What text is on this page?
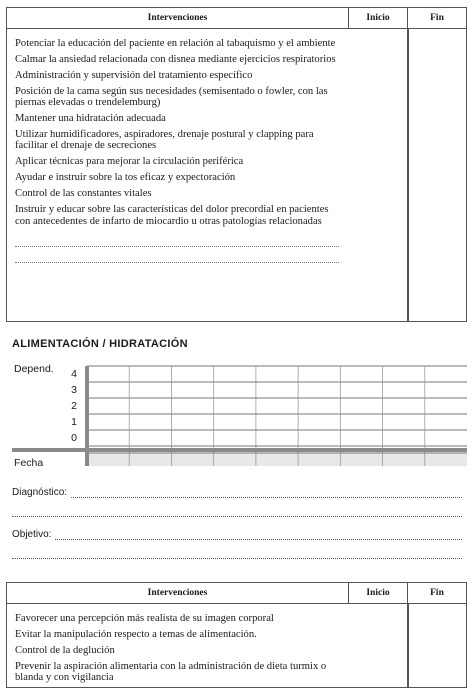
Intervenciones	Inicio	Fin
Potenciar la educación del paciente en relación al tabaquismo y el ambiente
Calmar la ansiedad relacionada con disnea mediante ejercicios respiratorios
Administración y supervisión del tratamiento específico
Posición de la cama según sus necesidades (semisentado o fowler, con las piernas elevadas o trendelemburg)
Mantener una hidratación adecuada
Utilizar humidificadores, aspiradores, drenaje postural y clapping para facilitar el drenaje de secreciones
Aplicar técnicas para mejorar la circulación periférica
Ayudar e instruir sobre la tos eficaz y expectoración
Control de las constantes vitales
Instruir y educar sobre las características del dolor precordial en pacientes con antecedentes de infarto de miocardio u otras patologías relacionadas
ALIMENTACIÓN / HIDRATACIÓN
Depend.	4
3
2
1
0
Fecha
Diagnóstico:
Objetivo:
Intervenciones	Inicio	Fin
Favorecer una percepción más realista de su imagen corporal
Evitar la manipulación respecto a temas de alimentación.
Control de la deglución
Prevenir la aspiración alimentaria con la administración de dieta turmix o blanda y con vigilancia
